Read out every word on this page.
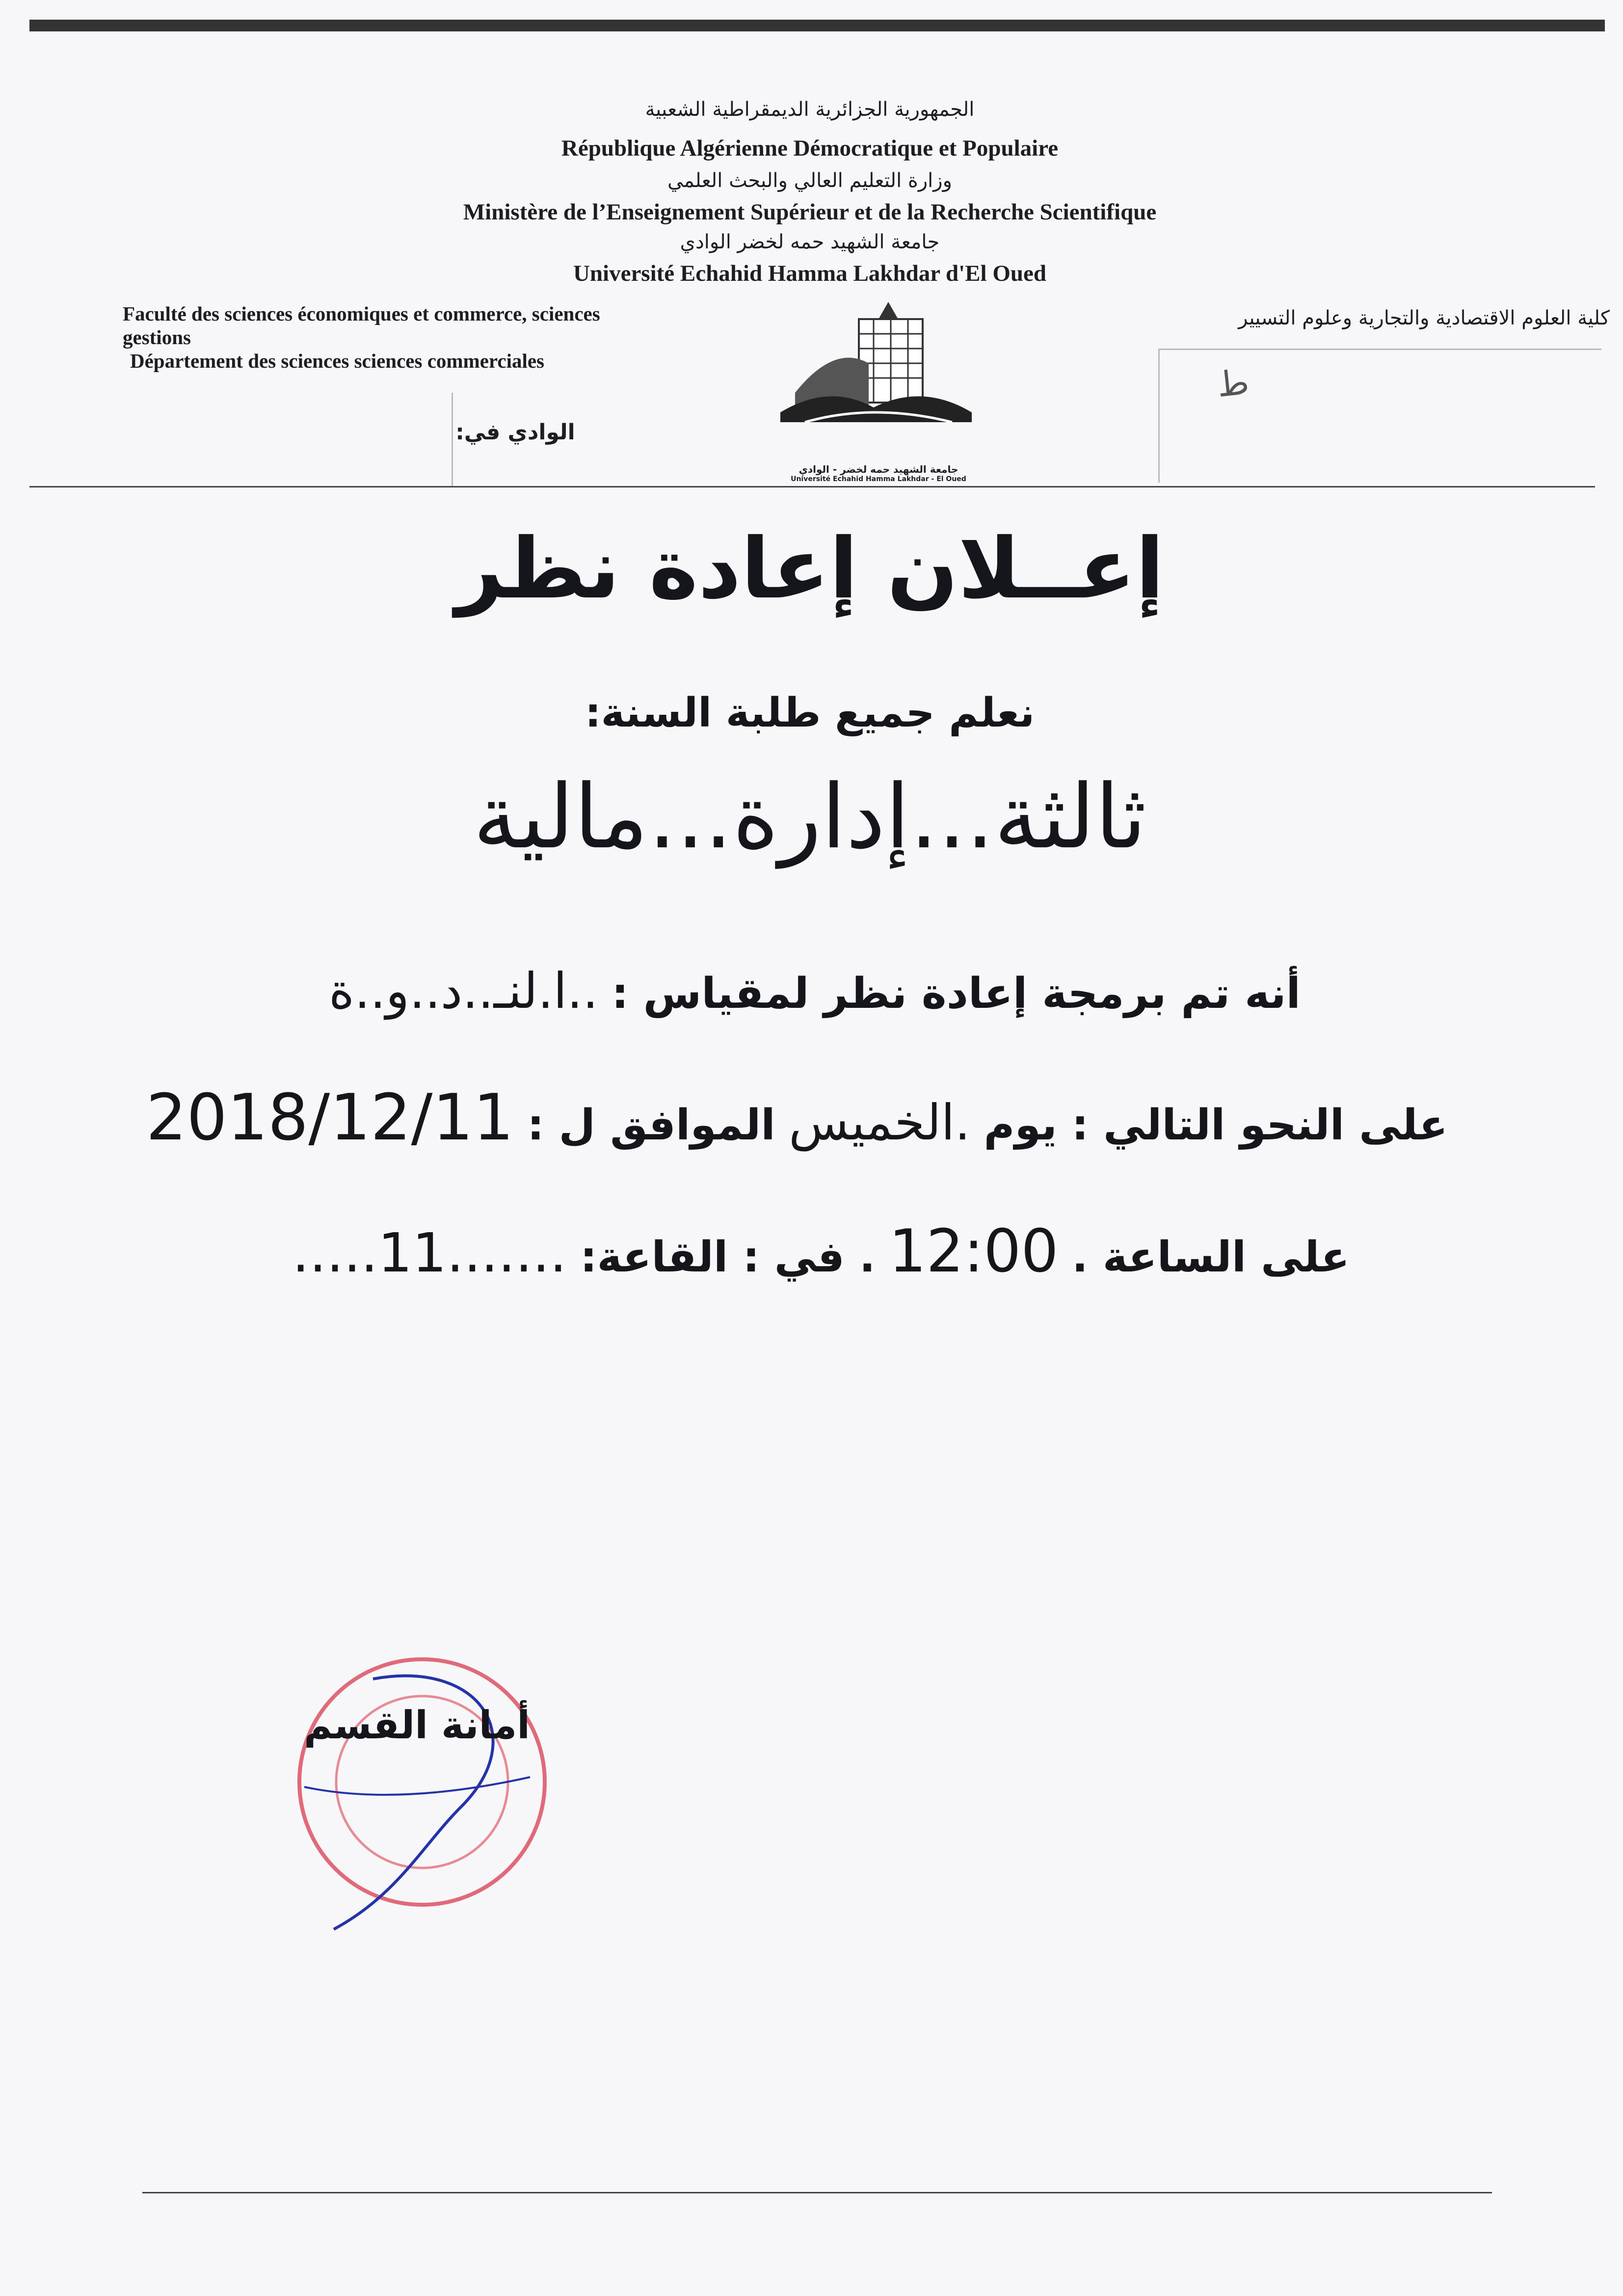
الجمهورية الجزائرية الديمقراطية الشعبية
République Algérienne Démocratique et Populaire
وزارة التعليم العالي والبحث العلمي
Ministère de l’Enseignement Supérieur et de la Recherche Scientifique
جامعة الشهيد حمه لخضر الوادي
Université Echahid Hamma Lakhdar d'El Oued
Faculté des sciences économiques et commerce, sciences
gestions
Département des sciences sciences commerciales
كلية العلوم الاقتصادية والتجارية وعلوم التسيير
الوادي في:
ط
جامعة الشهيد حمه لخضر - الوادي
Université Echahid Hamma Lakhdar - El Oued
إعــلان إعادة نظر
نعلم جميع طلبة السنة:
ثالثة...إدارة...مالية
أنه تم برمجة إعادة نظر لمقياس : ..ا.لنـ..د..و..ة
على النحو التالي : يوم .الخميس الموافق ل : 2018/12/11
على الساعة . 12:00 . في : القاعة: .....11.......
أمانة القسم
